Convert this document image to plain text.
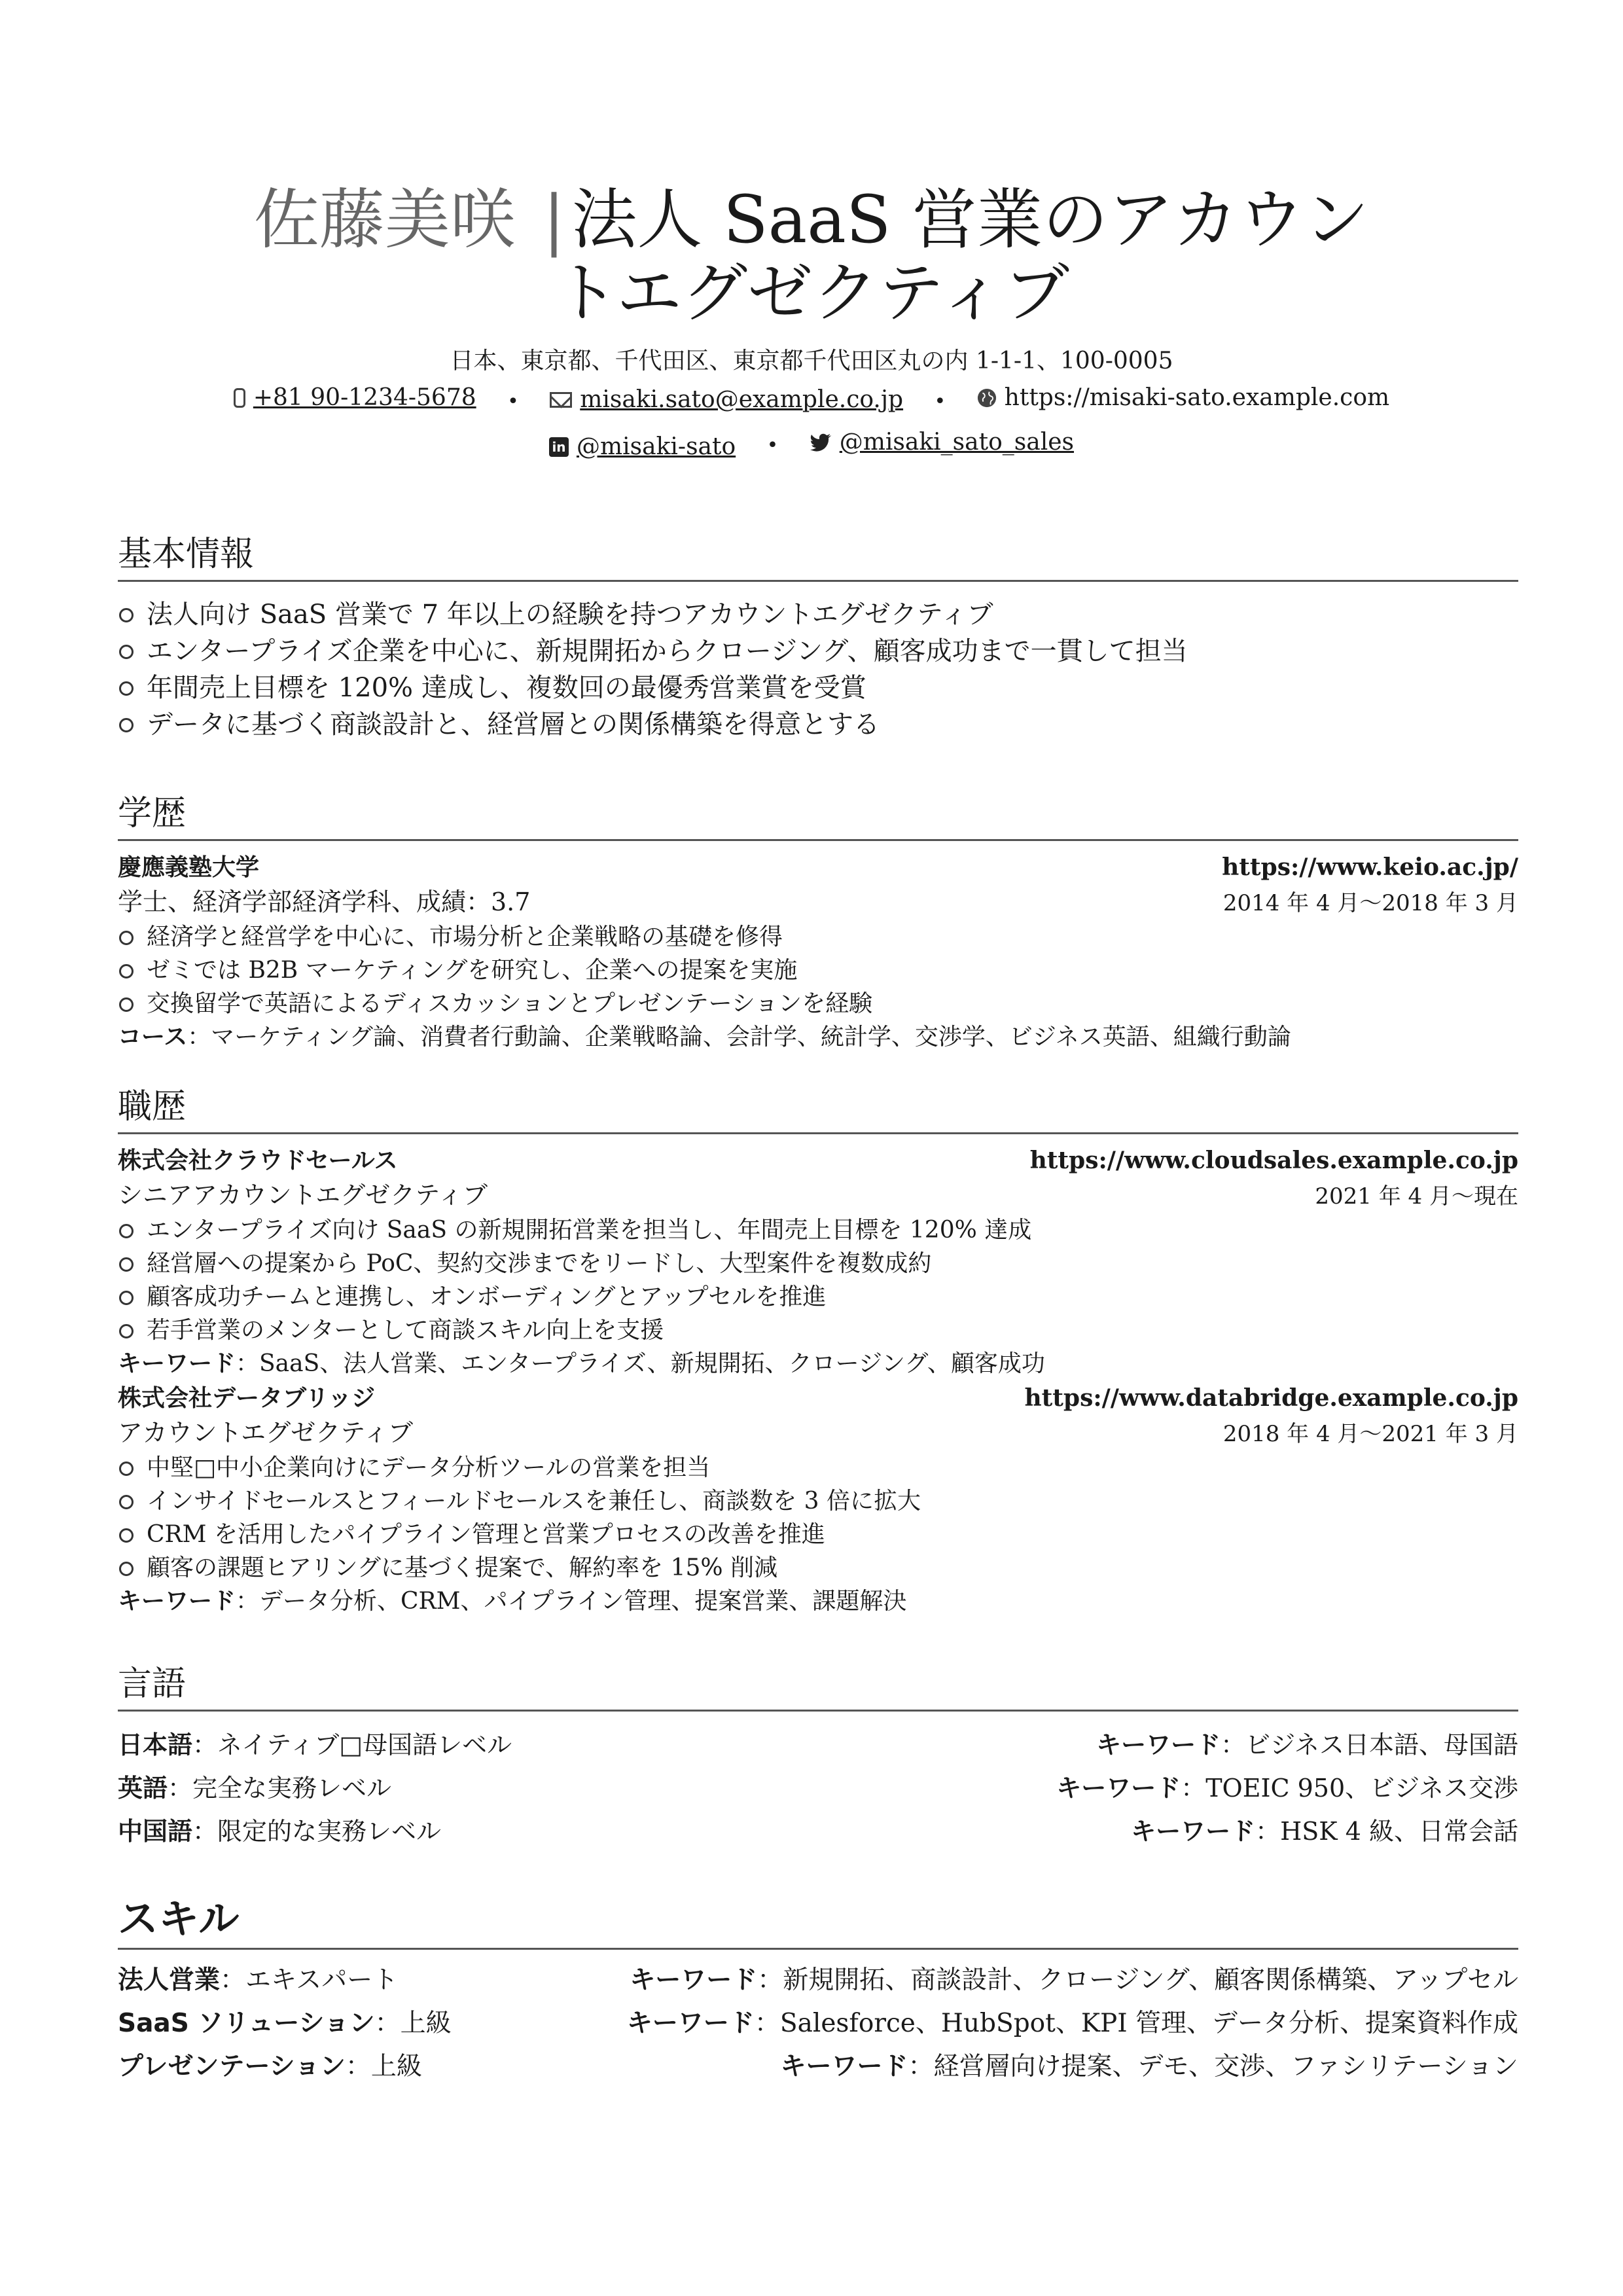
佐藤美咲 | 法人 SaaS 営業のアカウン
トエグゼクティブ
日本、東京都、千代田区、東京都千代田区丸の内 1-1-1、100-0005
+81 90-1234-5678 •	misaki.sato@example.co.jp • https://misaki-sato.example.com
in @misaki-sato •	@misaki_sato_sales
基本情報
法人向け SaaS 営業で 7 年以上の経験を持つアカウントエグゼクティブ
エンタープライズ企業を中心に、新規開拓からクロージング、顧客成功まで一貫して担当
年間売上目標を 120% 達成し、複数回の最優秀営業賞を受賞
データに基づく商談設計と、経営層との関係構築を得意とする
学歴
慶應義塾大学	https://www.keio.ac.jp/
学士、経済学部経済学科、成績：3.7	2014 年 4 月〜2018 年 3 月
経済学と経営学を中心に、市場分析と企業戦略の基礎を修得
ゼミでは B2B マーケティングを研究し、企業への提案を実施
交換留学で英語によるディスカッションとプレゼンテーションを経験
コース：マーケティング論、消費者行動論、企業戦略論、会計学、統計学、交渉学、ビジネス英語、組織行動論
職歴
株式会社クラウドセールス	https://www.cloudsales.example.co.jp
シニアアカウントエグゼクティブ	2021 年 4 月〜現在
エンタープライズ向け SaaS の新規開拓営業を担当し、年間売上目標を 120% 達成
経営層への提案から PoC、契約交渉までをリードし、大型案件を複数成約
顧客成功チームと連携し、オンボーディングとアップセルを推進
若手営業のメンターとして商談スキル向上を支援
キーワード：SaaS、法人営業、エンタープライズ、新規開拓、クロージング、顧客成功
株式会社データブリッジ	https://www.databridge.example.co.jp
アカウントエグゼクティブ	2018 年 4 月〜2021 年 3 月
中堅□中小企業向けにデータ分析ツールの営業を担当
インサイドセールスとフィールドセールスを兼任し、商談数を 3 倍に拡大
CRM を活用したパイプライン管理と営業プロセスの改善を推進
顧客の課題ヒアリングに基づく提案で、解約率を 15% 削減
キーワード：データ分析、CRM、パイプライン管理、提案営業、課題解決
言語
日本語：ネイティブ□母国語レベル	キーワード：ビジネス日本語、母国語
英語：完全な実務レベル	キーワード：TOEIC 950、ビジネス交渉
中国語：限定的な実務レベル	キーワード：HSK 4 級、日常会話
スキル
法人営業：エキスパート	キーワード：新規開拓、商談設計、クロージング、顧客関係構築、アップセル
SaaS ソリューション：上級	キーワード：Salesforce、HubSpot、KPI 管理、データ分析、提案資料作成
プレゼンテーション：上級	キーワード：経営層向け提案、デモ、交渉、ファシリテーション
